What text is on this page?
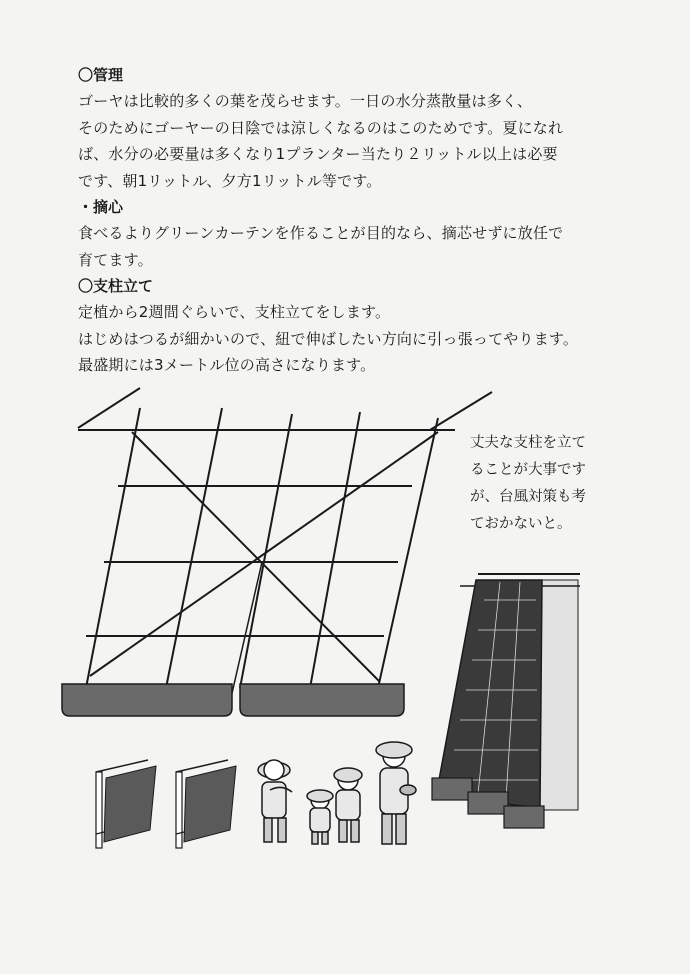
〇管理

ゴーヤは比較的多くの葉を茂らせます。一日の水分蒸散量は多く、
そのためにゴーヤーの日陰では涼しくなるのはこのためです。夏になれ
ば、水分の必要量は多くなり1プランター当たり２リットル以上は必要
です、朝1リットル、夕方1リットル等です。

・摘心

食べるよりグリーンカーテンを作ることが目的なら、摘芯せずに放任で
育てます。

〇支柱立て

定植から2週間ぐらいで、支柱立てをします。
はじめはつるが細かいので、紐で伸ばしたい方向に引っ張ってやります。
最盛期には3メートル位の高さになります。

丈夫な支柱を立て
ることが大事です
が、台風対策も考
ておかないと。
